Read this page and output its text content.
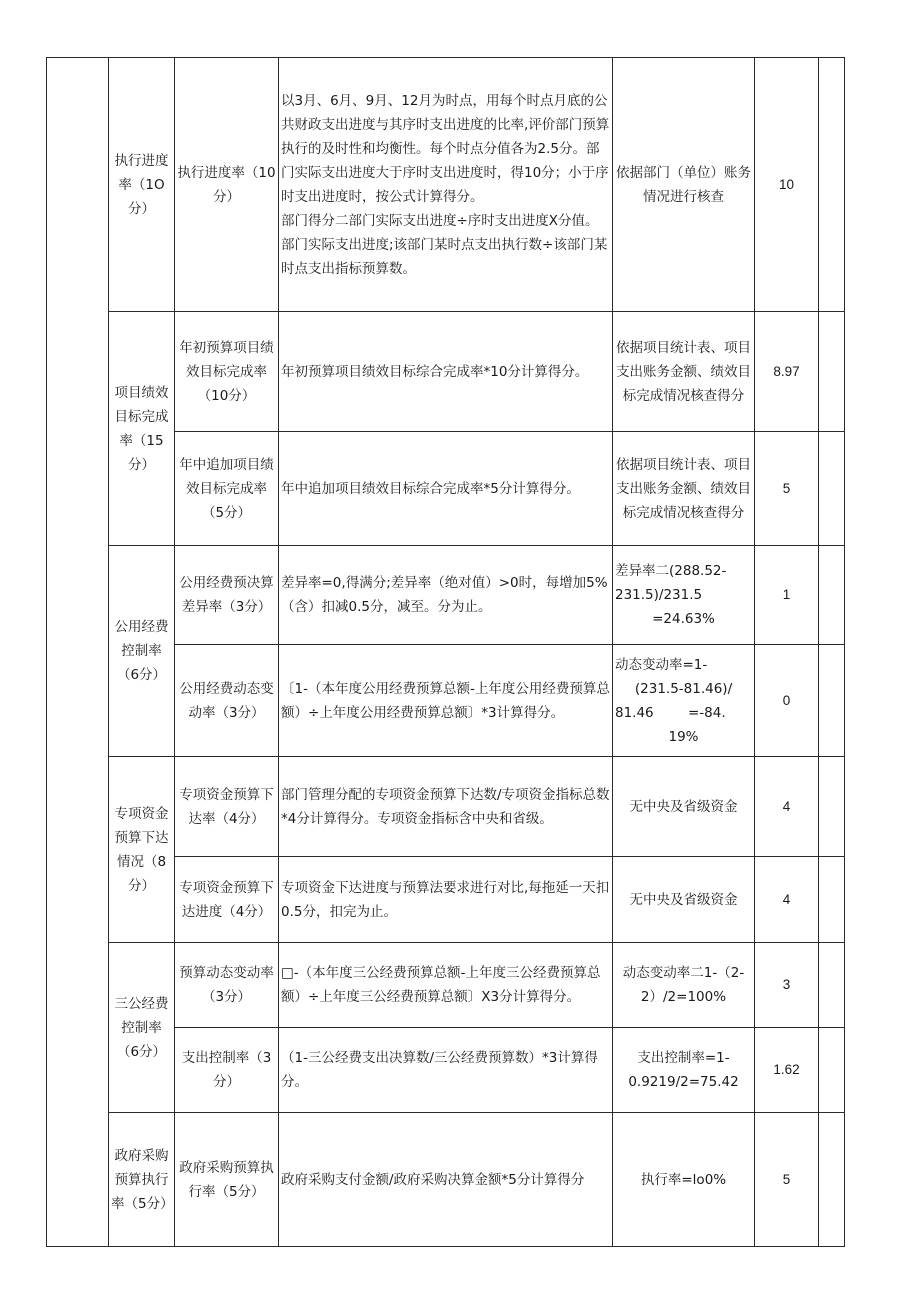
	执行进度率（1O分）	执行进度率（10分）	以3月、6月、9月、12月为时点，用每个时点月底的公共财政支出进度与其序时支出进度的比率,评价部门预算执行的及时性和均衡性。每个时点分值各为2.5分。部门实际支出进度大于序时支出进度时，得10分；小于序时支出进度时，按公式计算得分。
部门得分二部门实际支出进度÷序时支出进度X分值。
部门实际支出进度;该部门某时点支出执行数÷该部门某时点支出指标预算数。	依据部门（单位）账务情况进行核查	10	
	项目绩效目标完成率（15分）	年初预算项目绩效目标完成率（10分）	年初预算项目绩效目标综合完成率*10分计算得分。	依据项目统计表、项目支出账务金额、绩效目标完成情况核查得分	8.97	
		年中追加项目绩效目标完成率（5分）	年中追加项目绩效目标综合完成率*5分计算得分。	依据项目统计表、项目支出账务金额、绩效目标完成情况核查得分	5	
	公用经费控制率（6分）	公用经费预决算差异率（3分）	差异率=0,得满分;差异率（绝对值）>0时，每增加5%（含）扣减0.5分，减至。分为止。	差异率二(288.52-
231.5)/231.5
=24.63%	1	
		公用经费动态变动率（3分）	〔1-（本年度公用经费预算总额-上年度公用经费预算总额）÷上年度公用经费预算总额〕*3计算得分。	动态变动率=1-
(231.5-81.46)/
81.46        =-84.
19%	0	
	专项资金预算下达情况（8分）	专项资金预算下达率（4分）	部门管理分配的专项资金预算下达数/专项资金指标总数*4分计算得分。专项资金指标含中央和省级。	无中央及省级资金	4	
		专项资金预算下达进度（4分）	专项资金下达进度与预算法要求进行对比,每拖延一天扣0.5分，扣完为止。	无中央及省级资金	4	
	三公经费控制率（6分）	预算动态变动率（3分）	□-（本年度三公经费预算总额-上年度三公经费预算总额）÷上年度三公经费预算总额〕X3分计算得分。	动态变动率二1-（2-2）/2=100%	3	
		支出控制率（3分）	（1-三公经费支出决算数/三公经费预算数）*3计算得分。	支出控制率=1-
0.9219/2=75.42	1.62	
	政府采购预算执行率（5分）	政府采购预算执行率（5分）	政府采购支付金额/政府采购决算金额*5分计算得分	执行率=lo0%	5	
